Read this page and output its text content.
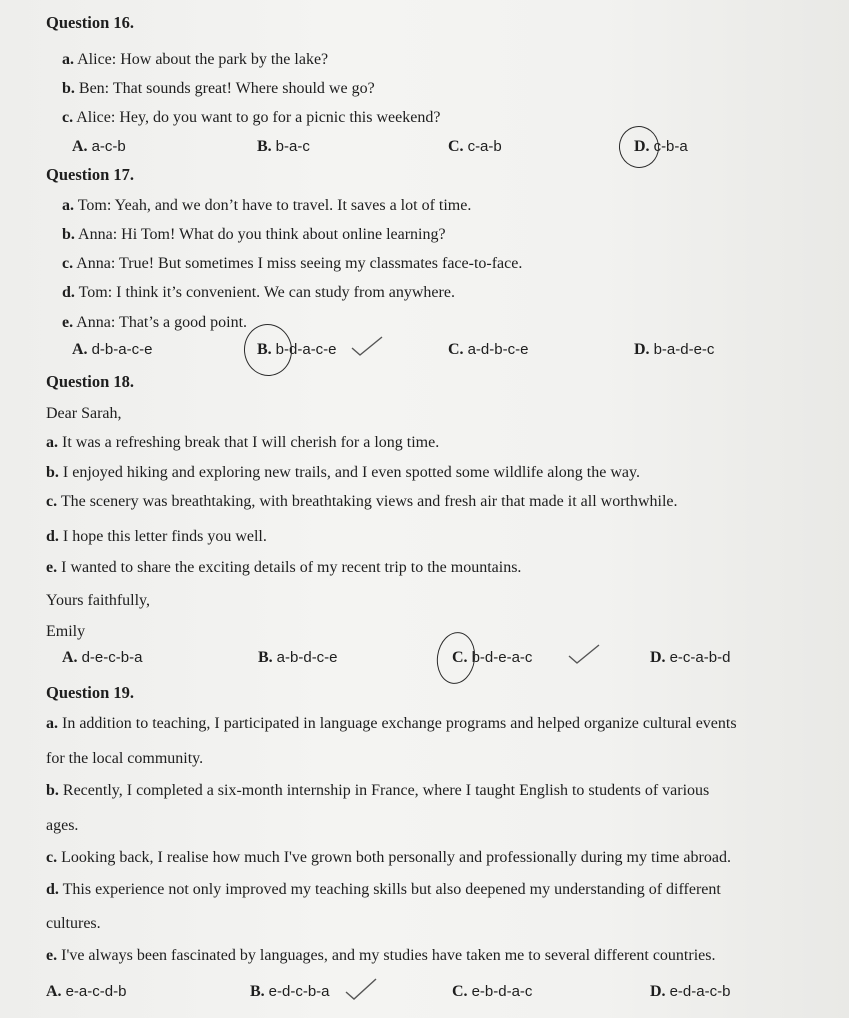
Question 16.
a. Alice: How about the park by the lake?
b. Ben: That sounds great! Where should we go?
c. Alice: Hey, do you want to go for a picnic this weekend?
A. a-c-b	B. b-a-c	C. c-a-b	D. c-b-a
Question 17.
a. Tom: Yeah, and we don’t have to travel. It saves a lot of time.
b. Anna: Hi Tom! What do you think about online learning?
c. Anna: True! But sometimes I miss seeing my classmates face-to-face.
d. Tom: I think it’s convenient. We can study from anywhere.
e. Anna: That’s a good point.
A. d-b-a-c-e	B. b-d-a-c-e	C. a-d-b-c-e	D. b-a-d-e-c
Question 18.
Dear Sarah,
a. It was a refreshing break that I will cherish for a long time.
b. I enjoyed hiking and exploring new trails, and I even spotted some wildlife along the way.
c. The scenery was breathtaking, with breathtaking views and fresh air that made it all worthwhile.
d. I hope this letter finds you well.
e. I wanted to share the exciting details of my recent trip to the mountains.
Yours faithfully,
Emily
A. d-e-c-b-a	B. a-b-d-c-e	C. b-d-e-a-c	D. e-c-a-b-d
Question 19.
a. In addition to teaching, I participated in language exchange programs and helped organize cultural events
for the local community.
b. Recently, I completed a six-month internship in France, where I taught English to students of various
ages.
c. Looking back, I realise how much I've grown both personally and professionally during my time abroad.
d. This experience not only improved my teaching skills but also deepened my understanding of different
cultures.
e. I've always been fascinated by languages, and my studies have taken me to several different countries.
A. e-a-c-d-b	B. e-d-c-b-a	C. e-b-d-a-c	D. e-d-a-c-b
